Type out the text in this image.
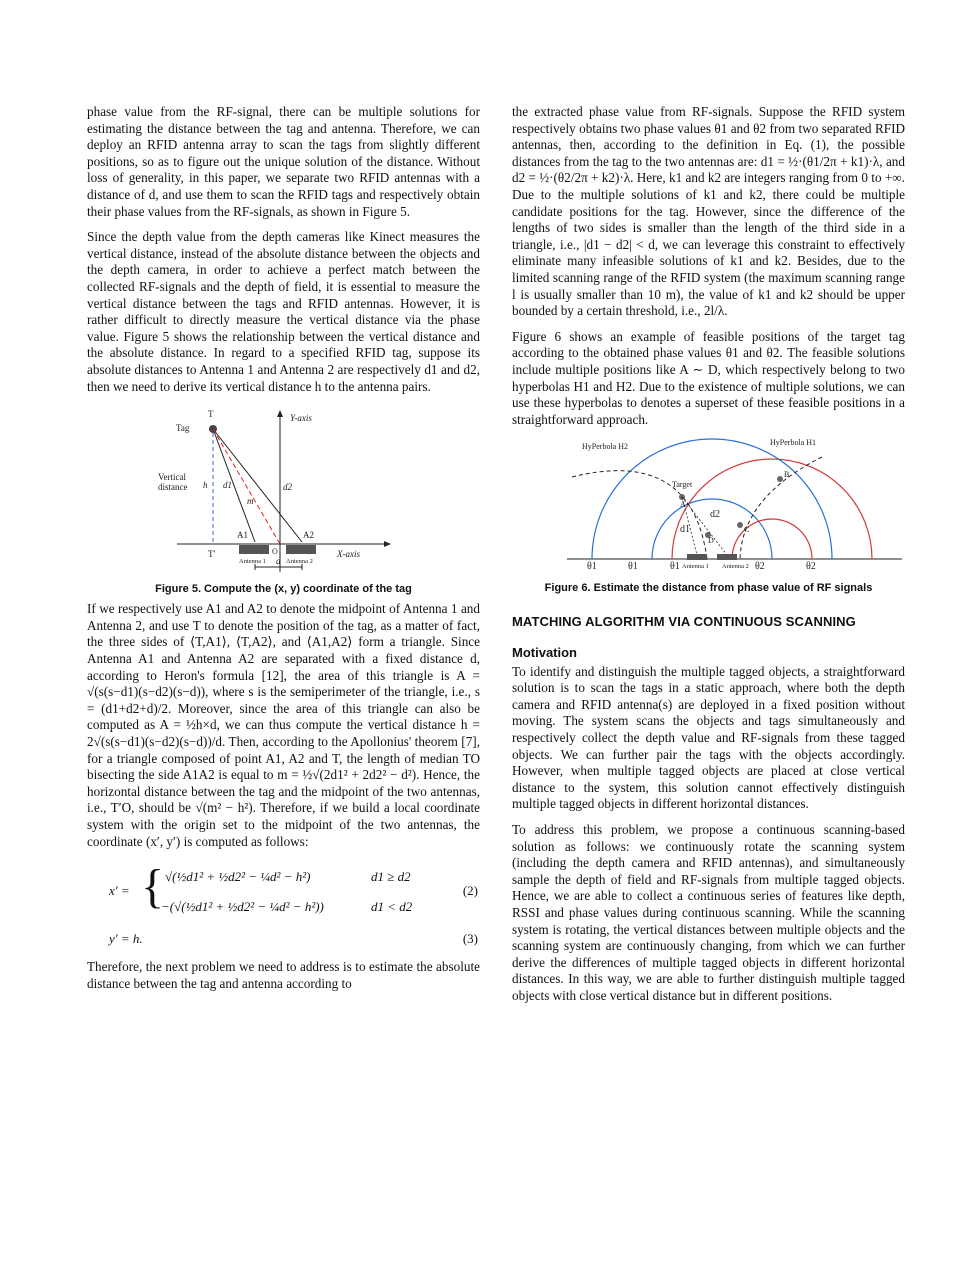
phase value from the RF-signal, there can be multiple solutions for estimating the distance between the tag and antenna. Therefore, we can deploy an RFID antenna array to scan the tags from slightly different positions, so as to figure out the unique solution of the distance. Without loss of generality, in this paper, we separate two RFID antennas with a distance of d, and use them to scan the RFID tags and respectively obtain their phase values from the RF-signals, as shown in Figure 5.

Since the depth value from the depth cameras like Kinect measures the vertical distance, instead of the absolute distance between the objects and the depth camera, in order to achieve a perfect match between the collected RF-signals and the depth of field, it is essential to measure the vertical distance between the tags and RFID antennas. However, it is rather difficult to directly measure the vertical distance via the phase value. Figure 5 shows the relationship between the vertical distance and the absolute distance. In regard to a specified RFID tag, suppose its absolute distances to Antenna 1 and Antenna 2 are respectively d1 and d2, then we need to derive its vertical distance h to the antenna pairs.

Y-axis
X-axis
T
Tag
h
Vertical
distance
T'
d1	d2
m
A1	A2
O
Antenna 1	Antenna 2
d
Figure 5. Compute the (x, y) coordinate of the tag

If we respectively use A1 and A2 to denote the midpoint of Antenna 1 and Antenna 2, and use T to denote the position of the tag, as a matter of fact, the three sides of ⟨T,A1⟩, ⟨T,A2⟩, and ⟨A1,A2⟩ form a triangle. Since Antenna A1 and Antenna A2 are separated with a fixed distance d, according to Heron's formula [12], the area of this triangle is A = √(s(s−d1)(s−d2)(s−d)), where s is the semiperimeter of the triangle, i.e., s = (d1+d2+d)/2. Moreover, since the area of this triangle can also be computed as A = ½h×d, we can thus compute the vertical distance h = 2√(s(s−d1)(s−d2)(s−d))/d. Then, according to the Apollonius' theorem [7], for a triangle composed of point A1, A2 and T, the length of median TO bisecting the side A1A2 is equal to m = ½√(2d1² + 2d2² − d²). Hence, the horizontal distance between the tag and the midpoint of the two antennas, i.e., T′O, should be √(m² − h²). Therefore, if we build a local coordinate system with the origin set to the midpoint of the two antennas, the coordinate (x′, y′) is computed as follows:

x′ = { √(½d1² + ½d2² − ¼d² − h²)	d1 ≥ d2
−(√(½d1² + ½d2² − ¼d² − h²))	d1 < d2
(2)
y′ = h.	(3)

Therefore, the next problem we need to address is to estimate the absolute distance between the tag and antenna according to

the extracted phase value from RF-signals. Suppose the RFID system respectively obtains two phase values θ1 and θ2 from two separated RFID antennas, then, according to the definition in Eq. (1), the possible distances from the tag to the two antennas are: d1 = ½·(θ1/2π + k1)·λ, and d2 = ½·(θ2/2π + k2)·λ. Here, k1 and k2 are integers ranging from 0 to +∞. Due to the multiple solutions of k1 and k2, there could be multiple candidate positions for the tag. However, since the difference of the lengths of two sides is smaller than the length of the third side in a triangle, i.e., |d1 − d2| < d, we can leverage this constraint to effectively eliminate many infeasible solutions of k1 and k2. Besides, due to the limited scanning range of the RFID system (the maximum scanning range l is usually smaller than 10 m), the value of k1 and k2 should be upper bounded by a certain threshold, i.e., 2l/λ.

Figure 6 shows an example of feasible positions of the target tag according to the obtained phase values θ1 and θ2. The feasible solutions include multiple positions like A ∼ D, which respectively belong to two hyperbolas H1 and H2. Due to the existence of multiple solutions, we can use these hyperbolas to denotes a superset of these feasible positions in a straightforward approach.

HyPerbola H2	HyPerbola H1
Target
A
B
C
D
d1
d2
Antenna 1 Antenna 2
θ1	θ1	θ1	θ2	θ2
Figure 6. Estimate the distance from phase value of RF signals
MATCHING ALGORITHM VIA CONTINUOUS SCANNING
Motivation

To identify and distinguish the multiple tagged objects, a straightforward solution is to scan the tags in a static approach, where both the depth camera and RFID antenna(s) are deployed in a fixed position without moving. The system scans the objects and tags simultaneously and respectively collect the depth value and RF-signals from these tagged objects. We can further pair the tags with the objects accordingly. However, when multiple tagged objects are placed at close vertical distance to the system, this solution cannot effectively distinguish multiple tagged objects in different horizontal distances.

To address this problem, we propose a continuous scanning-based solution as follows: we continuously rotate the scanning system (including the depth camera and RFID antennas), and simultaneously sample the depth of field and RF-signals from multiple tagged objects. Hence, we are able to collect a continuous series of features like depth, RSSI and phase values during continuous scanning. While the scanning system is rotating, the vertical distances between multiple objects and the scanning system are continuously changing, from which we can further derive the differences of multiple tagged objects in different horizontal distances. In this way, we are able to further distinguish multiple tagged objects with close vertical distance but in different positions.
